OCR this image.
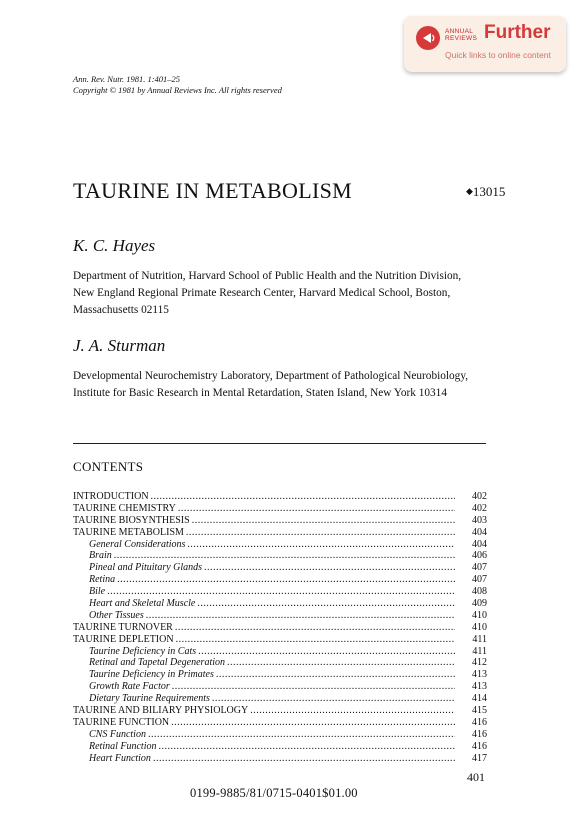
ANNUAL
REVIEWS Further
Quick links to online content
Ann. Rev. Nutr. 1981. 1:401–25
Copyright © 1981 by Annual Reviews Inc. All rights reserved
TAURINE IN METABOLISM	◆13015
K. C. Hayes
Department of Nutrition, Harvard School of Public Health and the Nutrition Division, New England Regional Primate Research Center, Harvard Medical School, Boston, Massachusetts 02115
J. A. Sturman
Developmental Neurochemistry Laboratory, Department of Pathological Neurobiology, Institute for Basic Research in Mental Retardation, Staten Island, New York 10314
CONTENTS
INTRODUCTION .....	402
TAURINE CHEMISTRY .....	402
TAURINE BIOSYNTHESIS .....	403
TAURINE METABOLISM .....	404
General Considerations .....	404
Brain .....	406
Pineal and Pituitary Glands .....	407
Retina .....	407
Bile .....	408
Heart and Skeletal Muscle .....	409
Other Tissues .....	410
TAURINE TURNOVER .....	410
TAURINE DEPLETION .....	411
Taurine Deficiency in Cats .....	411
Retinal and Tapetal Degeneration .....	412
Taurine Deficiency in Primates .....	413
Growth Rate Factor .....	413
Dietary Taurine Requirements .....	414
TAURINE AND BILIARY PHYSIOLOGY .....	415
TAURINE FUNCTION .....	416
CNS Function .....	416
Retinal Function .....	416
Heart Function .....	417
401
0199-9885/81/0715-0401$01.00
